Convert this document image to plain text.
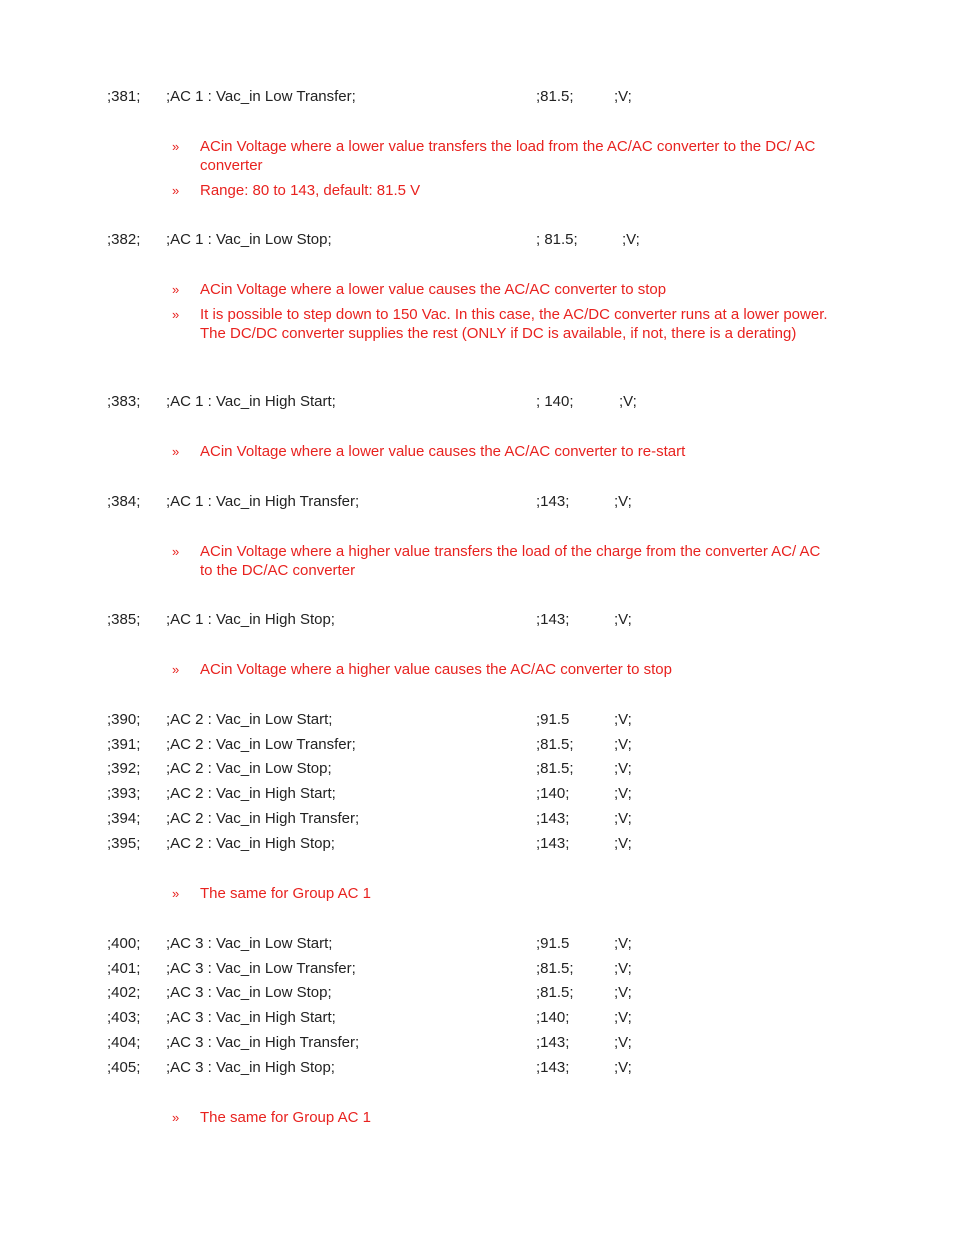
;381; ;AC 1 : Vac_in Low Transfer;	;81.5;	;V;
» ACin Voltage where a lower value transfers the load from the AC/AC converter to the DC/ AC converter
» Range: 80 to 143, default: 81.5 V
;382; ;AC 1 : Vac_in Low Stop;	; 81.5;	;V;
» ACin Voltage where a lower value causes the AC/AC converter to stop
» It is possible to step down to 150 Vac. In this case, the AC/DC converter runs at a lower power. The DC/DC converter supplies the rest (ONLY if DC is available, if not, there is a derating)
;383; ;AC 1 : Vac_in High Start;	; 140;	;V;
» ACin Voltage where a lower value causes the AC/AC converter to re-start
;384; ;AC 1 : Vac_in High Transfer;	;143;	;V;
» ACin Voltage where a higher value transfers the load of the charge from the converter AC/ AC to the DC/AC converter
;385; ;AC 1 : Vac_in High Stop;	;143;	;V;
» ACin Voltage where a higher value causes the AC/AC converter to stop
;390; ;AC 2 : Vac_in Low Start;	;91.5	;V;
;391; ;AC 2 : Vac_in Low Transfer;	;81.5;	;V;
;392; ;AC 2 : Vac_in Low Stop;	;81.5;	;V;
;393; ;AC 2 : Vac_in High Start;	;140;	;V;
;394; ;AC 2 : Vac_in High Transfer;	;143;	;V;
;395; ;AC 2 : Vac_in High Stop;	;143;	;V;
» The same for Group AC 1
;400; ;AC 3 : Vac_in Low Start;	;91.5	;V;
;401; ;AC 3 : Vac_in Low Transfer;	;81.5;	;V;
;402; ;AC 3 : Vac_in Low Stop;	;81.5;	;V;
;403; ;AC 3 : Vac_in High Start;	;140;	;V;
;404; ;AC 3 : Vac_in High Transfer;	;143;	;V;
;405; ;AC 3 : Vac_in High Stop;	;143;	;V;
» The same for Group AC 1
